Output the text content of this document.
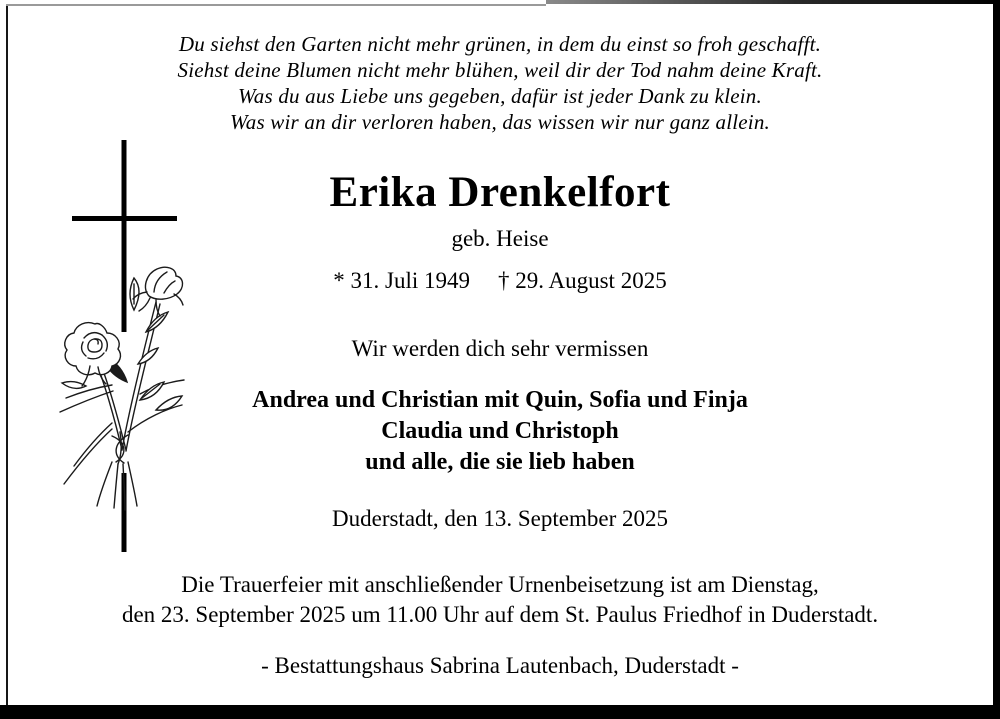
Du siehst den Garten nicht mehr grünen, in dem du einst so froh geschafft.
Siehst deine Blumen nicht mehr blühen, weil dir der Tod nahm deine Kraft.
Was du aus Liebe uns gegeben, dafür ist jeder Dank zu klein.
Was wir an dir verloren haben, das wissen wir nur ganz allein.
Erika Drenkelfort
geb. Heise
* 31. Juli 1949 † 29. August 2025
Wir werden dich sehr vermissen
Andrea und Christian mit Quin, Sofia und Finja
Claudia und Christoph
und alle, die sie lieb haben
Duderstadt, den 13. September 2025
Die Trauerfeier mit anschließender Urnenbeisetzung ist am Dienstag,
den 23. September 2025 um 11.00 Uhr auf dem St. Paulus Friedhof in Duderstadt.
- Bestattungshaus Sabrina Lautenbach, Duderstadt -
